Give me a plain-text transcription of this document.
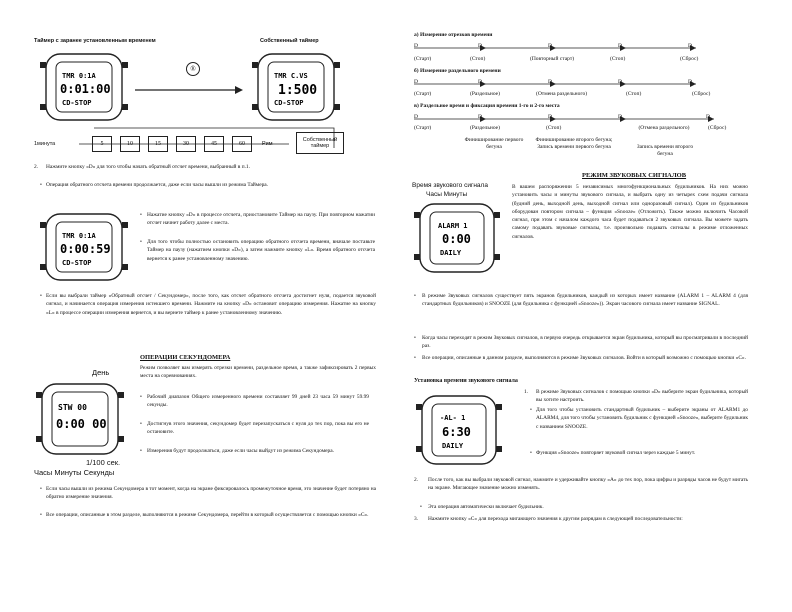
Таймер с заранее установленным временем	Собственный таймер
TMR 0:1A
0:01:00
CD-STOP
®
TMR C.VS
1:500
CD-STOP
1минута	5	10	15	30	45	60	Рим
Собственный таймер
2.	Нажмите кнопку «D» для того чтобы начать обратный отсчет времени, выбранный в п.1.
• Операция обратного отсчета времени продолжается, даже если часы вышли из режима Таймера.
TMR 0:1A
0:00:59
CD-STOP
• Нажатие кнопку «D» в процессе отсчета, приостановите Таймер на паузу. При повторном нажатии отсчет начнет работу далее с места.
• Для того чтобы полностью остановить операцию обратного отсчета времени, вначале поставьте Таймер на паузу (нажатием кнопки «D»), а затем нажмите кнопку «L». Время обратного отсчета вернется к ранее установленному значению.
• Если вы выбрали таймер «Обратный отсчет / Секундомер», после того, как отсчет обратного отсчета достигнет нуля, подается звуковой сигнал, и начинается операция измерения истекшего времени. Нажмите на кнопку «D» остановит операцию измерения. Нажатие на кнопку «L» в процессе операции измерения вернется, и вы вернете таймер к ранее установленному значению.
ОПЕРАЦИИ СЕКУНДОМЕРА
Режим позволяет вам измерять отрезки времени, раздельное время, а также зафиксировать 2 первых места на соревнованиях.
День
STW 00
0:00 00
1/100 сек.
Часы Минуты Секунды
• Рабочий диапазон Общего измеренного времени составляет 99 дней 23 часа 59 минут 59.99 секунды.
• Достигнув этого значения, секундомер будет перезапускаться с нуля до тех пор, пока вы его не остановите.
• Измерения будут продолжаться, даже если часы выйдут из режима Секундомера.
• Если часы вышли из режима Секундомера в тот момент, когда на экране фиксировалось промежуточное время, это значение будет потеряно на обратно измерение значения.
• Все операции, описанные в этом разделе, выполняются в режиме Секундомера, перейти в который осуществляется с помощью кнопки «С».
а) Измерение отрезков времени
D	D	D	D	D
(Старт)	(Стоп)	(Повторный старт)	(Стоп)	(Сброс)
б) Измерение раздельного времени
D	D	D	D	D
(Старт)	(Раздельное)	(Отмена раздельного)	(Стоп)	(Сброс)
в) Раздельное время и фиксация времени 1-го и 2-го места
D	D	D	D	D
(Старт)	(Раздельное)	(Стоп)	(Отмена раздельного)	(Сброс)
Финиширование первого бегуна
Финиширование второго бегуна; Запись времени первого бегуна	Запись времени второго бегуна
РЕЖИМ ЗВУКОВЫХ СИГНАЛОВ
Время звукового сигнала
Часы Минуты
ALARM 1
0:00
DAILY
В вашем распоряжении 5 независимых многофункциональных будильников. На них можно установить часы и минуты звукового сигнала, и выбрать одну из четырех схем подачи сигнала (будний день, выходной день, выходной сигнал или одноразовый сигнал). Один из будильников оборудован повтором сигнала – функция «Snooze» (Отложить). Также можно включить Часовой сигнал, при этом с началом каждого часа будет подаваться 2 звуковых сигнала. Вы можете задать самому подавать звуковые сигналы, т.е. произвольно подавать сигналы в режиме отложенных сигналов.
•	В режиме Звуковых сигналов существует пять экранов будильников, каждый из которых имеет название (ALARM 1 – ALARM 4 (для стандартных будильников) и SNOOZE (для будильника с функцией «Snooze»)). Экран часового сигнала имеет название SIGNAL.
•	Когда часы переходят в режим Звуковых сигналов, в первую очередь открывается экран будильника, который вы просматривали в последний раз.
•	Все операции, описанные в данном разделе, выполняются в режиме Звуковых сигналов. Войти в который возможно с помощью кнопки «С».
Установка времени звукового сигнала
-AL- 1
6:30
DAILY
1.	В режиме Звуковых сигналов с помощью кнопки «D» выберите экран будильника, который вы хотите настроить.
• Для того чтобы установить стандартный будильник – выберите экраны от ALARM1 до ALARM4, для того чтобы установить будильник с функцией «Snooze», выберите будильник с названием SNOOZE.
• Функция «Snooze» повторяет звуковой сигнал через каждые 5 минут.
2.	После того, как вы выбрали звуковой сигнал, нажмите и удерживайте кнопку «A» до тех пор, пока цифры и разряды часов не будут мигать на экране. Мигающее значение можно изменять.
•	Эта операция автоматически включает будильник.
3.	Нажмите кнопку «С» для перехода мигающего значения к другим разрядам в следующей последовательности:
